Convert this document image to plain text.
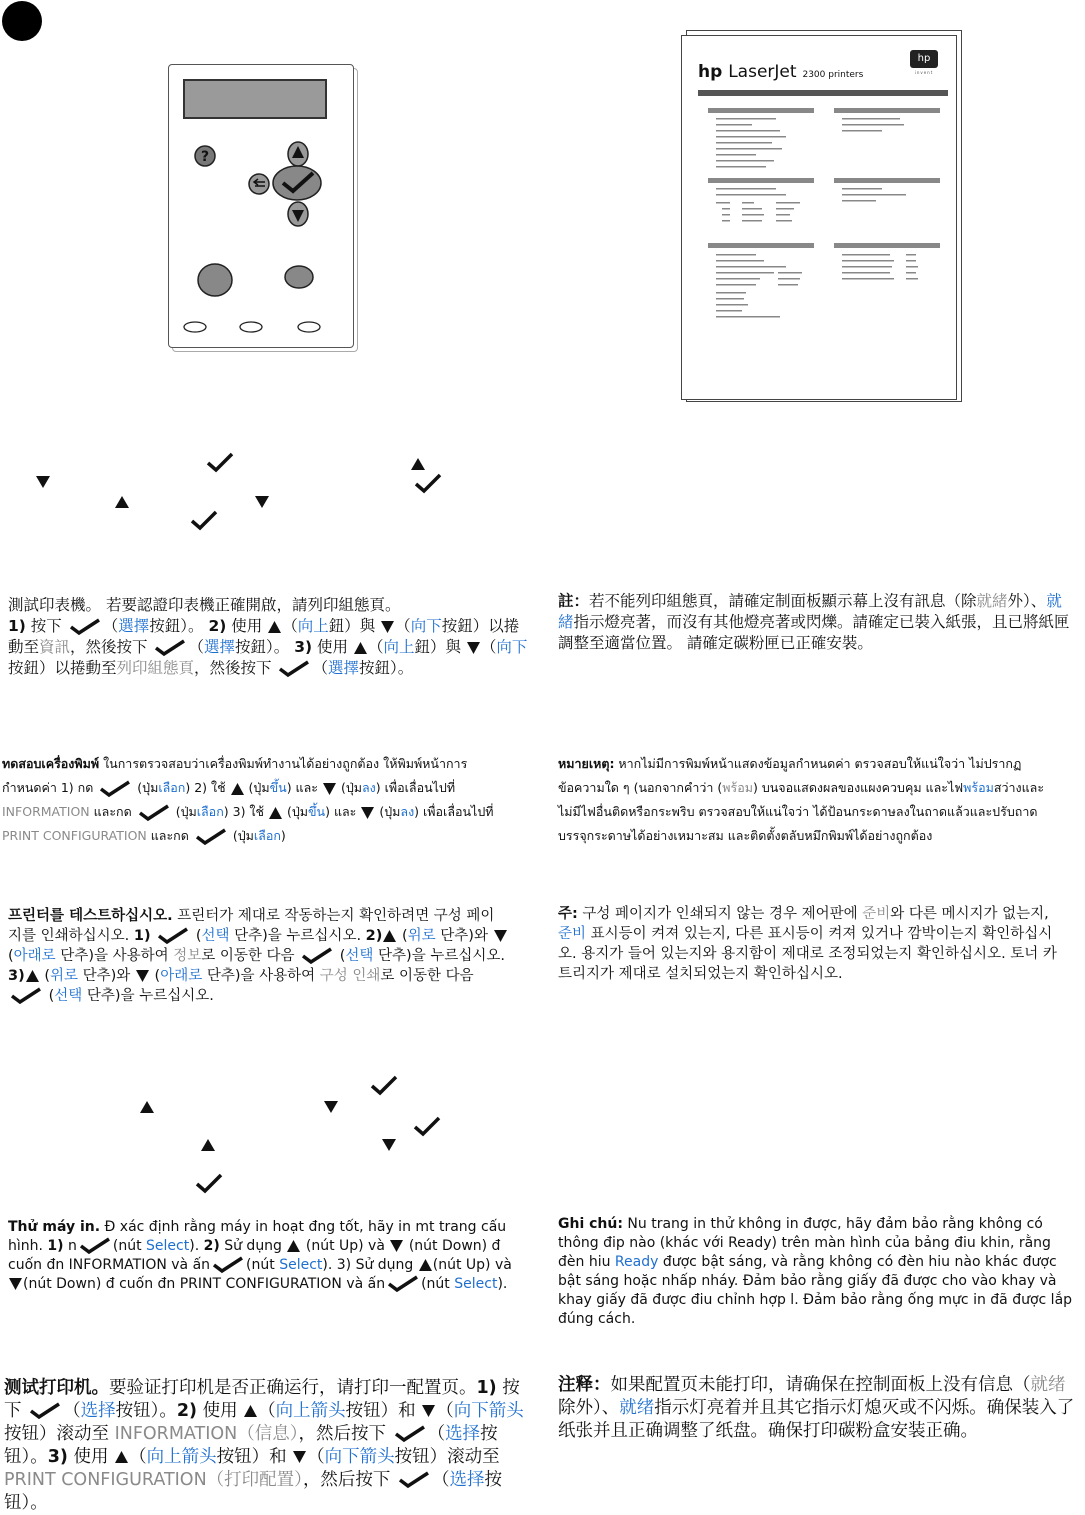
?
hp LaserJet 2300 printers
hp
invent
測試印表機。 若要認證印表機正確開啟，請列印組態頁。
1) 按下 （選擇按鈕）。 2) 使用 （向上鈕）與 （向下按鈕）以捲動至資訊，然後按下 （選擇按鈕）。 3) 使用 （向上鈕）與 （向下按鈕）以捲動至列印組態頁，然後按下 （選擇按鈕）。
註：若不能列印組態頁，請確定制面板顯示幕上沒有訊息（除就緒外）、就緒指示燈亮著，而沒有其他燈亮著或閃爍。請確定已裝入紙張，且已將紙匣調整至適當位置。 請確定碳粉匣已正確安裝。
ทดสอบเครื่องพิมพ์ ในการตรวจสอบว่าเครื่องพิมพ์ทำงานได้อย่างถูกต้อง ให้พิมพ์หน้าการกำหนดค่า 1) กด	(ปุ่มเลือก) 2) ใช้  (ปุ่มขึ้น) และ  (ปุ่มลง) เพื่อเลื่อนไปที่ INFORMATION และกด	(ปุ่มเลือก) 3) ใช้  (ปุ่มขึ้น) และ  (ปุ่มลง) เพื่อเลื่อนไปที่ PRINT CONFIGURATION และกด	(ปุ่มเลือก)
หมายเหตุ: หากไม่มีการพิมพ์หน้าแสดงข้อมูลกำหนดค่า ตรวจสอบให้แน่ใจว่า ไม่ปรากฏข้อความใด ๆ (นอกจากคำว่า (พร้อม) บนจอแสดงผลของแผงควบคุม และไฟพร้อมสว่างและไม่มีไฟอื่นติดหรือกระพริบ ตรวจสอบให้แน่ใจว่า ได้ป้อนกระดาษลงในถาดแล้วและปรับถาดบรรจุกระดาษได้อย่างเหมาะสม และติดตั้งตลับหมึกพิมพ์ได้อย่างถูกต้อง
프린터를 테스트하십시오. 프린터가 제대로 작동하는지 확인하려면 구성 페이지를 인쇄하십시오. 1)	(선택 단추)을 누르십시오. 2) (위로 단추)와  (아래로 단추)을 사용하여 정보로 이동한 다음  (선택 단추)을 누르십시오. 3) (위로 단추)와  (아래로 단추)을 사용하여 구성 인쇄로 이동한 다음  (선택 단추)을 누르십시오.
주: 구성 페이지가 인쇄되지 않는 경우 제어판에 준비와 다른 메시지가 없는지, 준비 표시등이 켜져 있는지, 다른 표시등이 켜져 있거나 깜박이는지 확인하십시오. 용지가 들어 있는지와 용지함이 제대로 조정되었는지 확인하십시오. 토너 카트리지가 제대로 설치되었는지 확인하십시오.
Thử máy in. Đ xác định rằng máy in hoạt đng tốt, hãy in mt trang cấu hình. 1) n	(nút Select). 2) Sử dụng  (nút Up) và  (nút Down) đ cuốn đn INFORMATION và ấn	(nút Select). 3) Sử dụng (nút Up) và (nút Down) đ cuốn đn PRINT CONFIGURATION và ấn	(nút Select).
Ghi chú: Nu trang in thử không in được, hãy đảm bảo rằng không có thông đip nào (khác với Ready) trên màn hình của bảng điu khin, rằng đèn hiu Ready được bật sáng, và rằng không có đèn hiu nào khác được bật sáng hoặc nhấp nháy. Đảm bảo rằng giấy đã được cho vào khay và khay giấy đã được điu chỉnh hợp l. Đảm bảo rằng ống mực in đã được lắp đúng cách.
测试打印机。要验证打印机是否正确运行，请打印一配置页。1) 按下 （选择按钮）。2) 使用 （向上箭头按钮）和 （向下箭头按钮）滚动至 INFORMATION（信息），然后按下 （选择按钮）。3) 使用 （向上箭头按钮）和 （向下箭头按钮）滚动至 PRINT CONFIGURATION（打印配置），然后按下 （选择按钮）。
注释：如果配置页未能打印，请确保在控制面板上没有信息（就绪除外）、就绪指示灯亮着并且其它指示灯熄灭或不闪烁。确保装入了纸张并且正确调整了纸盘。确保打印碳粉盒安装正确。
